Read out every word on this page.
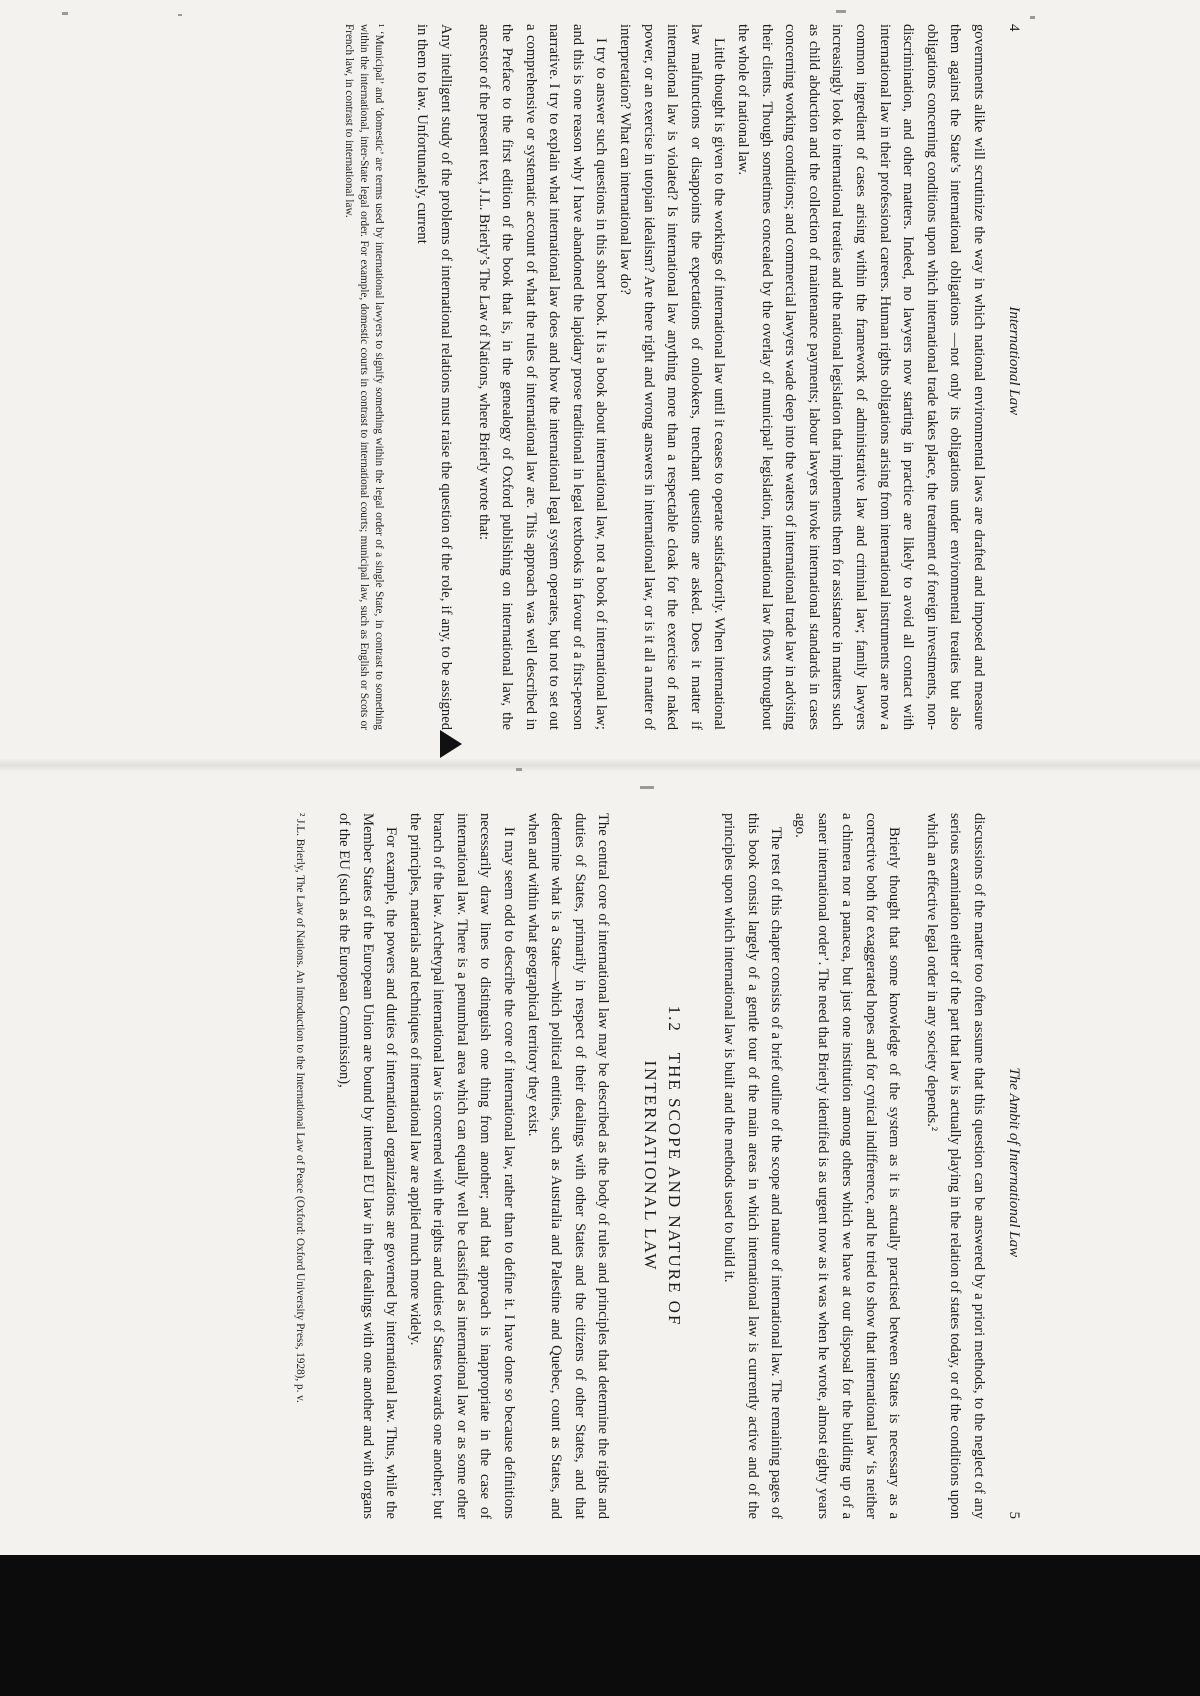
4
International Law

governments alike will scrutinize the way in which national environmental laws are drafted and imposed and measure them against the State’s international obligations —not only its obligations under environmental treaties but also obligations concerning conditions upon which international trade takes place, the treatment of foreign investments, non-discrimination, and other matters. Indeed, no lawyers now starting in practice are likely to avoid all contact with international law in their professional careers. Human rights obligations arising from international instruments are now a common ingredient of cases arising within the framework of administrative law and criminal law; family lawyers increasingly look to international treaties and the national legislation that implements them for assistance in matters such as child abduction and the collection of maintenance payments; labour lawyers invoke international standards in cases concerning working conditions; and commercial lawyers wade deep into the waters of international trade law in advising their clients. Though sometimes concealed by the overlay of municipal¹ legislation, international law flows throughout the whole of national law.

Little thought is given to the workings of international law until it ceases to operate satisfactorily. When international law malfunctions or disappoints the expectations of onlookers, trenchant questions are asked. Does it matter if international law is violated? Is international law anything more than a respectable cloak for the exercise of naked power, or an exercise in utopian idealism? Are there right and wrong answers in international law, or is it all a matter of interpretation? What can international law do?

I try to answer such questions in this short book. It is a book about international law, not a book of international law; and this is one reason why I have abandoned the lapidary prose traditional in legal textbooks in favour of a first-person narrative. I try to explain what international law does and how the international legal system operates, but not to set out a comprehensive or systematic account of what the rules of international law are. This approach was well described in the Preface to the first edition of the book that is, in the genealogy of Oxford publishing on international law, the ancestor of the present text, J.L. Brierly’s The Law of Nations, where Brierly wrote that:

Any intelligent study of the problems of international relations must raise the question of the role, if any, to be assigned in them to law. Unfortunately, current

¹ ‘Municipal’ and ‘domestic’ are terms used by international lawyers to signify something within the legal order of a single State, in contrast to something within the international, inter-State legal order. For example, domestic courts in contrast to international courts; municipal law, such as English or Scots or French law, in contrast to international law.
The Ambit of International Law
5

discussions of the matter too often assume that this question can be answered by a priori methods, to the neglect of any serious examination either of the part that law is actually playing in the relation of states today, or of the conditions upon which an effective legal order in any society depends.²

Brierly thought that some knowledge of the system as it is actually practised between States is necessary as a corrective both for exaggerated hopes and for cynical indifference, and he tried to show that international law ‘is neither a chimera nor a panacea, but just one institution among others which we have at our disposal for the building up of a saner international order’. The need that Brierly identified is as urgent now as it was when he wrote, almost eighty years ago.

The rest of this chapter consists of a brief outline of the scope and nature of international law. The remaining pages of this book consist largely of a gentle tour of the main areas in which international law is currently active and of the principles upon which international law is built and the methods used to build it.

1.2 THE SCOPE AND NATURE OF
INTERNATIONAL LAW

The central core of international law may be described as the body of rules and principles that determine the rights and duties of States, primarily in respect of their dealings with other States and the citizens of other States, and that determine what is a State—which political entities, such as Australia and Palestine and Quebec, count as States, and when and within what geographical territory they exist.

It may seem odd to describe the core of international law, rather than to define it. I have done so because definitions necessarily draw lines to distinguish one thing from another; and that approach is inappropriate in the case of international law. There is a penumbral area which can equally well be classified as international law or as some other branch of the law. Archetypal international law is concerned with the rights and duties of States towards one another; but the principles, materials and techniques of international law are applied much more widely.

For example, the powers and duties of international organizations are governed by international law. Thus, while the Member States of the European Union are bound by internal EU law in their dealings with one another and with organs of the EU (such as the European Commission),

² J.L. Brierly, The Law of Nations. An Introduction to the International Law of Peace (Oxford: Oxford University Press, 1928), p. v.
